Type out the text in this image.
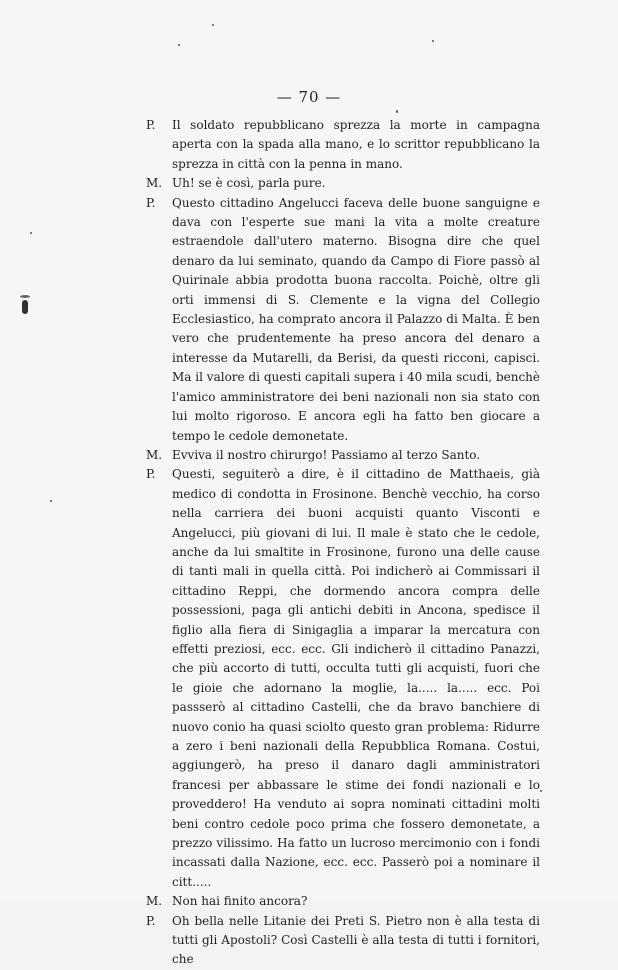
— 70 —
P.	Il soldato repubblicano sprezza la morte in campagna aperta con la spada alla mano, e lo scrittor repubblicano la sprezza in città con la penna in mano.
M. Uh! se è così, parla pure.
P.	Questo cittadino Angelucci faceva delle buone sanguigne e dava con l'esperte sue mani la vita a molte creature estraendole dall'utero materno. Bisogna dire che quel denaro da lui seminato, quando da Campo di Fiore passò al Quirinale abbia prodotta buona raccolta. Poichè, oltre gli orti immensi di S. Clemente e la vigna del Collegio Ecclesiastico, ha comprato ancora il Palazzo di Malta. È ben vero che prudentemente ha preso ancora del denaro a interesse da Mutarelli, da Berisi, da questi ricconi, capisci. Ma il valore di questi capitali supera i 40 mila scudi, benchè l'amico amministratore dei beni nazionali non sia stato con lui molto rigoroso. E ancora egli ha fatto ben giocare a tempo le cedole demonetate.
M. Evviva il nostro chirurgo! Passiamo al terzo Santo.
P.	Questi, seguiterò a dire, è il cittadino de Matthaeis, già medico di condotta in Frosinone. Benchè vecchio, ha corso nella carriera dei buoni acquisti quanto Visconti e Angelucci, più giovani di lui. Il male è stato che le cedole, anche da lui smaltite in Frosinone, furono una delle cause di tanti mali in quella città. Poi indicherò ai Commissari il cittadino Reppi, che dormendo ancora compra delle possessioni, paga gli antichi debiti in Ancona, spedisce il figlio alla fiera di Sinigaglia a imparar la mercatura con effetti preziosi, ecc. ecc. Gli indicherò il cittadino Panazzi, che più accorto di tutti, occulta tutti gli acquisti, fuori che le gioie che adornano la moglie, la..... la..... ecc. Poi passserò al cittadino Castelli, che da bravo banchiere di nuovo conio ha quasi sciolto questo gran problema: Ridurre a zero i beni nazionali della Repubblica Romana. Costui, aggiungerò, ha preso il danaro dagli amministratori francesi per abbassare le stime dei fondi nazionali e lo proveddero! Ha venduto ai sopra nominati cittadini molti beni contro cedole poco prima che fossero demonetate, a prezzo vilissimo. Ha fatto un lucroso mercimonio con i fondi incassati dalla Nazione, ecc. ecc. Passerò poi a nominare il citt.....
M. Non hai finito ancora?
P.	Oh bella nelle Litanie dei Preti S. Pietro non è alla testa di tutti gli Apostoli? Così Castelli è alla testa di tutti i fornitori, che
